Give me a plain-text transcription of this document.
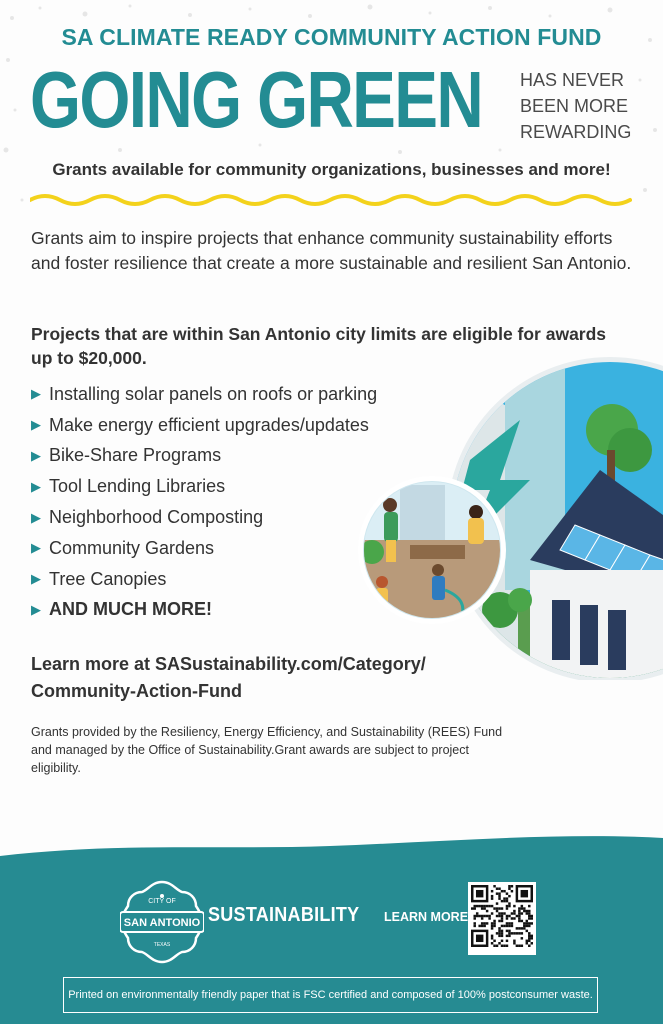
SA CLIMATE READY COMMUNITY ACTION FUND
GOING GREEN HAS NEVER
BEEN MORE
REWARDING
Grants available for community organizations, businesses and more!
Grants aim to inspire projects that enhance community sustainability efforts and foster resilience that create a more sustainable and resilient San Antonio.
Projects that are within San Antonio city limits are eligible for awards up to $20,000.
▶ Installing solar panels on roofs or parking
▶ Make energy efficient upgrades/updates
▶ Bike-Share Programs
▶ Tool Lending Libraries
▶ Neighborhood Composting
▶ Community Gardens
▶ Tree Canopies
▶ AND MUCH MORE!
Learn more at SASustainability.com/Category/
Community-Action-Fund
Grants provided by the Resiliency, Energy Efficiency, and Sustainability (REES) Fund and managed by the Office of Sustainability.Grant awards are subject to project eligibility.
CITY OF
SAN ANTONIO
TEXAS
SUSTAINABILITY LEARN MORE
Printed on environmentally friendly paper that is FSC certified and composed of 100% postconsumer waste.
